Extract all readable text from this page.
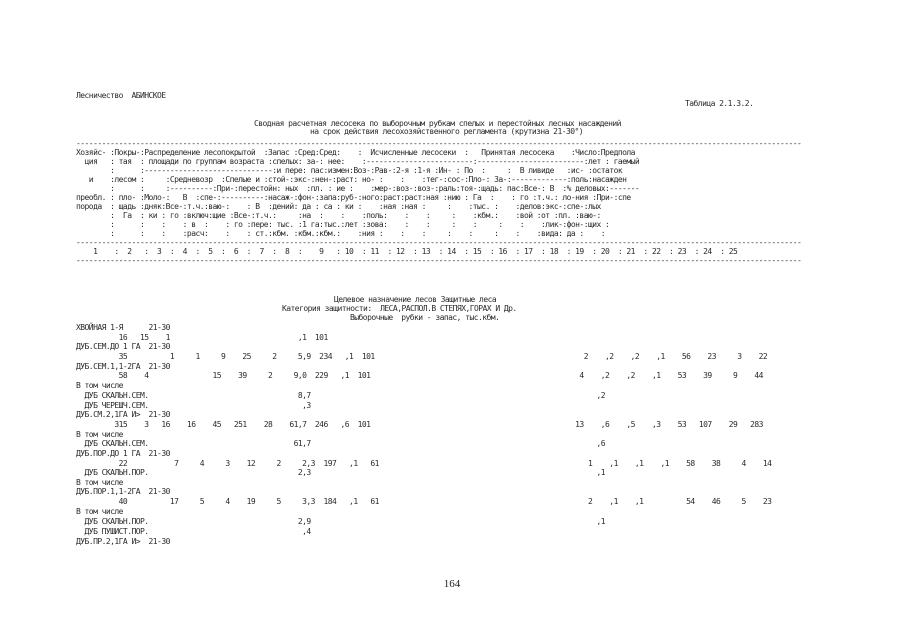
Лесничество  АБИНСКОЕ
Таблица 2.1.3.2.
Сводная расчетная лесосека по выборочным рубкам спелых и перестойных лесных насаждений
на срок действия лесохозяйственного регламента (крутизна 21-30°)
--------------------------------------------------------------------------------------------------------------------------------------------------------------------------
Хозяйс- :Покры-:Распределение лесопокрытой  :Запас :Сред:Сред:    :  Исчисленные лесосеки  :   Принятая лесосека    :Число:Предпола
ция   : тая  : площади по группам возраста :спелых: за-: нее:    :-------------------------:-------------------------:лет : гаемый
:      :------------------------------:и пере: пас:измен:Воз-:Рав-:2-я :1-я :Ин- : По  :     :  В ливиде   :ис- :остаток
и    :лесом :     :Средневозр  :Спелые и :стой-:экс-:нен-:раст: но- :    :    :тег-:сос-:Пло-: За-:-------------:поль:насажден
:      :     :----------:При-:перестойн: ных  :пл. : ие :    :мер-:воз-:воз-:раль:тоя-:щадь: пас:Все-: В  :% деловых:-------
преобл. : пло- :Моло-:   В  :спе-:----------:насаж-:фон-:запа:руб-:ного:раст:раст:ная :нию : Га  :    : го :т.ч.: ло-ния :При-:спе
порода  : щадь :дняк:Все-:т.ч.:ваю-:    : В  :дений: да : са : ки :    :ная :ная :     :    :тыс. :    :делов:экс-:спе-:лых
:  Га  : ки : го :включ:щие :Все-:т.ч.:     :на  :    :    :поль:    :    :     :    :кбм.:    :вой :от :пл. :ваю-:
:      :    :    : в  :    : го :пере: тыс. :1 га:тыс.:лет :зова:    :    :     :    :     :    :    :лик-:фон-:щих :
:      :    :    :расч:    :    : ст.:кбм. :кбм.:кбм.:    :ния :    :    :     :    :     :    :    :вида: да :    :
--------------------------------------------------------------------------------------------------------------------------------------------------------------------------
1    :  2   :  3  :  4  :  5  :  6  :  7  :  8  :    9   : 10  : 11  : 12  : 13  : 14  : 15  : 16  : 17  : 18  : 19  : 20  : 21  : 22  : 23  : 24  : 25
--------------------------------------------------------------------------------------------------------------------------------------------------------------------------
Целевое назначение лесов Защитные леса
Категория защитности:  ЛЕСА,РАСПОЛ.В СТЕПЯХ,ГОРАХ И Др.
Выборочные  рубки - запас, тыс.кбм.
ХВОЙНАЯ 1-Я      21-30
16   15    1                              ,1  101
ДУБ.СЕМ.ДО 1 ГА  21-30
35          1     1     9    25     2     5,9  234   ,1  101                                                 2    ,2    ,2    ,1    56    23     3    22
ДУБ.СЕМ.1,1-2ГА  21-30
58    4               15    39     2     9,0  229   ,1  101                                                 4    ,2    ,2    ,1    53    39     9    44
В том числе
ДУБ СКАЛЬН.СЕМ.                                   8,7                                                                   ,2
ДУБ ЧЕРЕШЧ.СЕМ.                                    ,3
ДУБ.СМ.2,1ГА И>  21-30
315    3   16    16    45   251    28    61,7  246   ,6  101                                                13    ,6    ,5    ,3    53   107    29   283
В том числе
ДУБ СКАЛЬН.СЕМ.                                  61,7                                                                   ,6
ДУБ.ПОР.ДО 1 ГА  21-30
22           7     4     3    12     2     2,3  197   ,1   61                                                 1    ,1    ,1    ,1    58    38     4    14
ДУБ СКАЛЬН.ПОР.                                   2,3                                                                   ,1
В том числе
ДУБ.ПОР.1,1-2ГА  21-30
40          17     5     4    19     5     3,3  184   ,1   61                                                 2    ,1    ,1          54    46     5    23
В том числе
ДУБ СКАЛЬН.ПОР.                                   2,9                                                                   ,1
ДУБ ПУШИСТ.ПОР.                                    ,4
ДУБ.ПР.2,1ГА И>  21-30
164
